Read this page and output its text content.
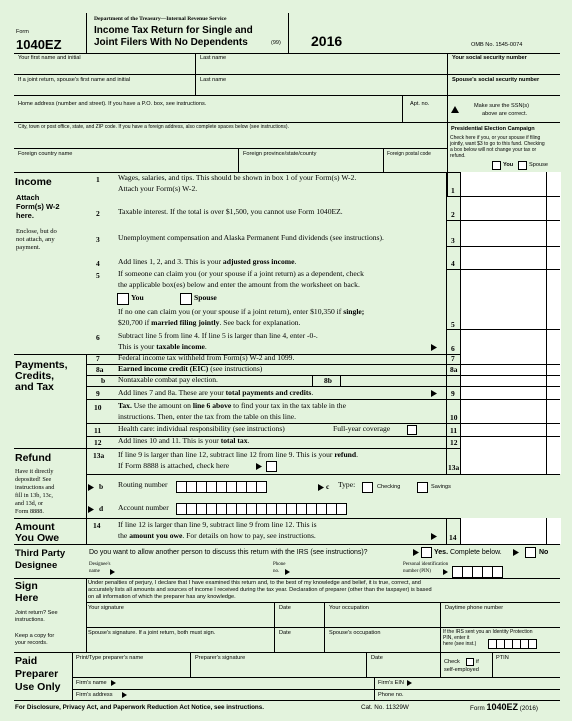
Form
1040EZ
Department of the Treasury—Internal Revenue Service
Income Tax Return for Single and
Joint Filers With No Dependents	(99) 2016	OMB No. 1545-0074
Your first name and initial	Last name	Your social security number
If a joint return, spouse's first name and initial	Last name	Spouse's social security number
Home address (number and street). If you have a P.O. box, see instructions.	Apt. no.	Make sure the SSN(s)
above are correct.
City, town or post office, state, and ZIP code. If you have a foreign address, also complete spaces below (see instructions).
Foreign country name	Foreign province/state/county	Foreign postal code
Presidential Election Campaign
Check here if you, or your spouse if filing
jointly, want $3 to go to this fund. Checking
a box below will not change your tax or
refund.
You	Spouse
Income
Attach
Form(s) W-2
here.
Enclose, but do
not attach, any
payment.
1 Wages, salaries, and tips. This should be shown in box 1 of your Form(s) W-2.
Attach your Form(s) W-2.	1
2 Taxable interest. If the total is over $1,500, you cannot use Form 1040EZ.	2
3 Unemployment compensation and Alaska Permanent Fund dividends (see instructions).	3
4 Add lines 1, 2, and 3. This is your adjusted gross income.	4
5 If someone can claim you (or your spouse if a joint return) as a dependent, check
the applicable box(es) below and enter the amount from the worksheet on back.
You	Spouse
If no one can claim you (or your spouse if a joint return), enter $10,350 if single;
$20,700 if married filing jointly. See back for explanation.	5
6 Subtract line 5 from line 4. If line 5 is larger than line 4, enter -0-.
This is your taxable income.	6
Payments,
Credits,
and Tax
7 Federal income tax withheld from Form(s) W-2 and 1099.	7
8a Earned income credit (EIC) (see instructions)	8a
b Nontaxable combat pay election.	8b
9 Add lines 7 and 8a. These are your total payments and credits.	9
10 Tax. Use the amount on line 6 above to find your tax in the tax table in the
instructions. Then, enter the tax from the table on this line.	10
11 Health care: individual responsibility (see instructions)	Full-year coverage	11
12 Add lines 10 and 11. This is your total tax.	12
Refund
Have it directly
deposited! See
instructions and
fill in 13b, 13c,
and 13d, or
Form 8888.
13a If line 9 is larger than line 12, subtract line 12 from line 9. This is your refund.
If Form 8888 is attached, check here	13a
b Routing number	c Type:	Checking	Savings
d Account number
Amount
You Owe
14 If line 12 is larger than line 9, subtract line 9 from line 12. This is
the amount you owe. For details on how to pay, see instructions.	14
Third Party
Designee
Do you want to allow another person to discuss this return with the IRS (see instructions)?	Yes. Complete below.	No
Designee's
name
Phone
no.
Personal identification
number (PIN)
Sign
Here
Joint return? See
instructions.
Keep a copy for
your records.
Under penalties of perjury, I declare that I have examined this return and, to the best of my knowledge and belief, it is true, correct, and
accurately lists all amounts and sources of income I received during the tax year. Declaration of preparer (other than the taxpayer) is based
on all information of which the preparer has any knowledge.
Your signature	Date	Your occupation	Daytime phone number
Spouse's signature. If a joint return, both must sign.	Date	Spouse's occupation	If the IRS sent you an Identity Protection
PIN, enter it
here (see inst.)
Paid
Preparer
Use Only
Print/Type preparer's name	Preparer's signature	Date
Check	if
self-employed
PTIN
Firm's name	Firm's EIN
Firm's address	Phone no.
For Disclosure, Privacy Act, and Paperwork Reduction Act Notice, see instructions.	Cat. No. 11329W	Form 1040EZ (2016)
